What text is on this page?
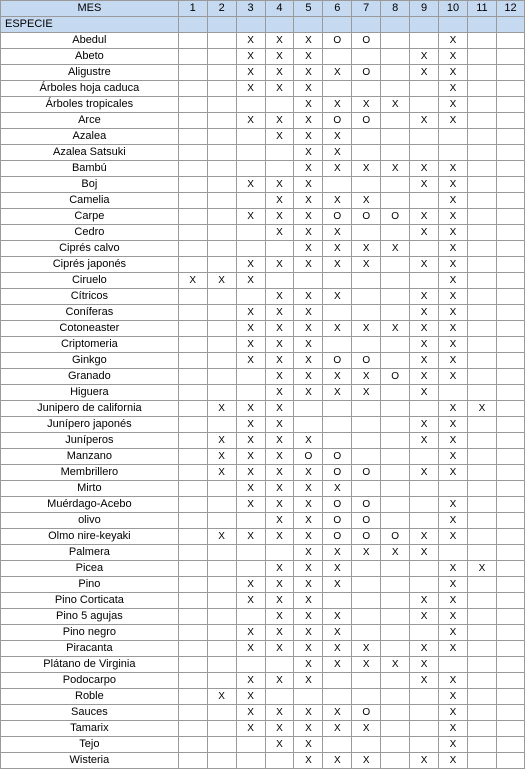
MES	1	2	3	4	5	6	7	8	9	10	11	12
ESPECIE												
Abedul			X	X	X	O	O			X		
Abeto			X	X	X				X	X		
Aligustre			X	X	X	X	O		X	X		
Árboles hoja caduca			X	X	X					X		
Árboles tropicales					X	X	X	X		X		
Arce			X	X	X	O	O		X	X		
Azalea				X	X	X						
Azalea Satsuki					X	X						
Bambú					X	X	X	X	X	X		
Boj			X	X	X				X	X		
Camelia				X	X	X	X			X		
Carpe			X	X	X	O	O	O	X	X		
Cedro				X	X	X			X	X		
Ciprés calvo					X	X	X	X		X		
Ciprés japonés			X	X	X	X	X		X	X		
Ciruelo	X	X	X							X		
Cítricos				X	X	X			X	X		
Coníferas			X	X	X				X	X		
Cotoneaster			X	X	X	X	X	X	X	X		
Criptomeria			X	X	X				X	X		
Ginkgo			X	X	X	O	O		X	X		
Granado				X	X	X	X	O	X	X		
Higuera				X	X	X	X		X			
Junipero de california		X	X	X						X	X	
Junípero japonés			X	X					X	X		
Juníperos		X	X	X	X				X	X		
Manzano		X	X	X	O	O				X		
Membrillero		X	X	X	X	O	O		X	X		
Mirto			X	X	X	X						
Muérdago-Acebo			X	X	X	O	O			X		
olivo				X	X	O	O			X		
Olmo nire-keyaki		X	X	X	X	O	O	O	X	X		
Palmera					X	X	X	X	X			
Picea				X	X	X				X	X	
Pino			X	X	X	X				X		
Pino Corticata			X	X	X				X	X		
Pino 5 agujas				X	X	X			X	X		
Pino negro			X	X	X	X				X		
Piracanta			X	X	X	X	X		X	X		
Plátano de Virginia					X	X	X	X	X			
Podocarpo			X	X	X				X	X		
Roble		X	X							X		
Sauces			X	X	X	X	O			X		
Tamarix			X	X	X	X	X			X		
Tejo				X	X					X		
Wisteria					X	X	X		X	X		
